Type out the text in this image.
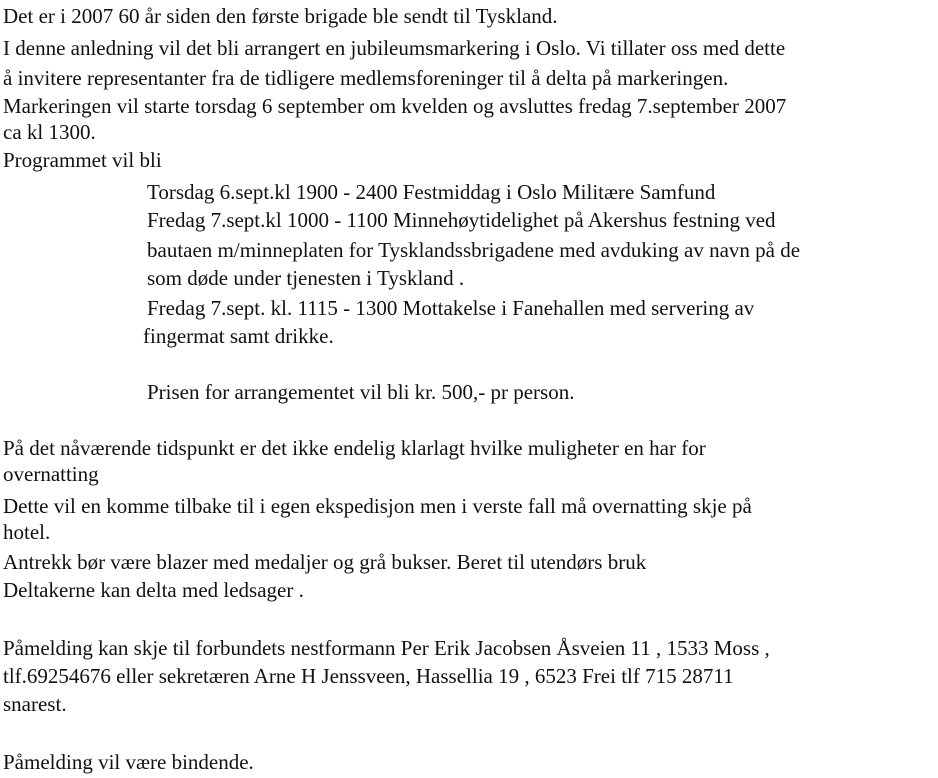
Det er i 2007 60 år siden den første brigade ble sendt til Tyskland.
I denne anledning vil det bli arrangert en jubileumsmarkering i Oslo. Vi tillater oss med dette
å invitere representanter fra de tidligere medlemsforeninger til å delta på markeringen.
Markeringen vil starte torsdag 6 september om kvelden og avsluttes fredag 7.september 2007
ca kl 1300.
Programmet vil bli
Torsdag 6.sept.kl 1900 - 2400 Festmiddag i Oslo Militære Samfund
Fredag 7.sept.kl 1000 - 1100 Minnehøytidelighet på Akershus festning ved
bautaen m/minneplaten for Tysklandssbrigadene med avduking av navn på de
som døde under tjenesten i Tyskland .
Fredag 7.sept. kl. 1115 - 1300 Mottakelse i Fanehallen med servering av
fingermat samt drikke.
Prisen for arrangementet vil bli kr. 500,- pr person.
På det nåværende tidspunkt er det ikke endelig klarlagt hvilke muligheter en har for
overnatting
Dette vil en komme tilbake til i egen ekspedisjon men i verste fall må overnatting skje på
hotel.
Antrekk bør være blazer med medaljer og grå bukser. Beret til utendørs bruk
Deltakerne kan delta med ledsager .
Påmelding kan skje til forbundets nestformann Per Erik Jacobsen Åsveien 11 , 1533 Moss ,
tlf.69254676 eller sekretæren Arne H Jenssveen, Hassellia 19 , 6523 Frei tlf 715 28711
snarest.
Påmelding vil være bindende.
